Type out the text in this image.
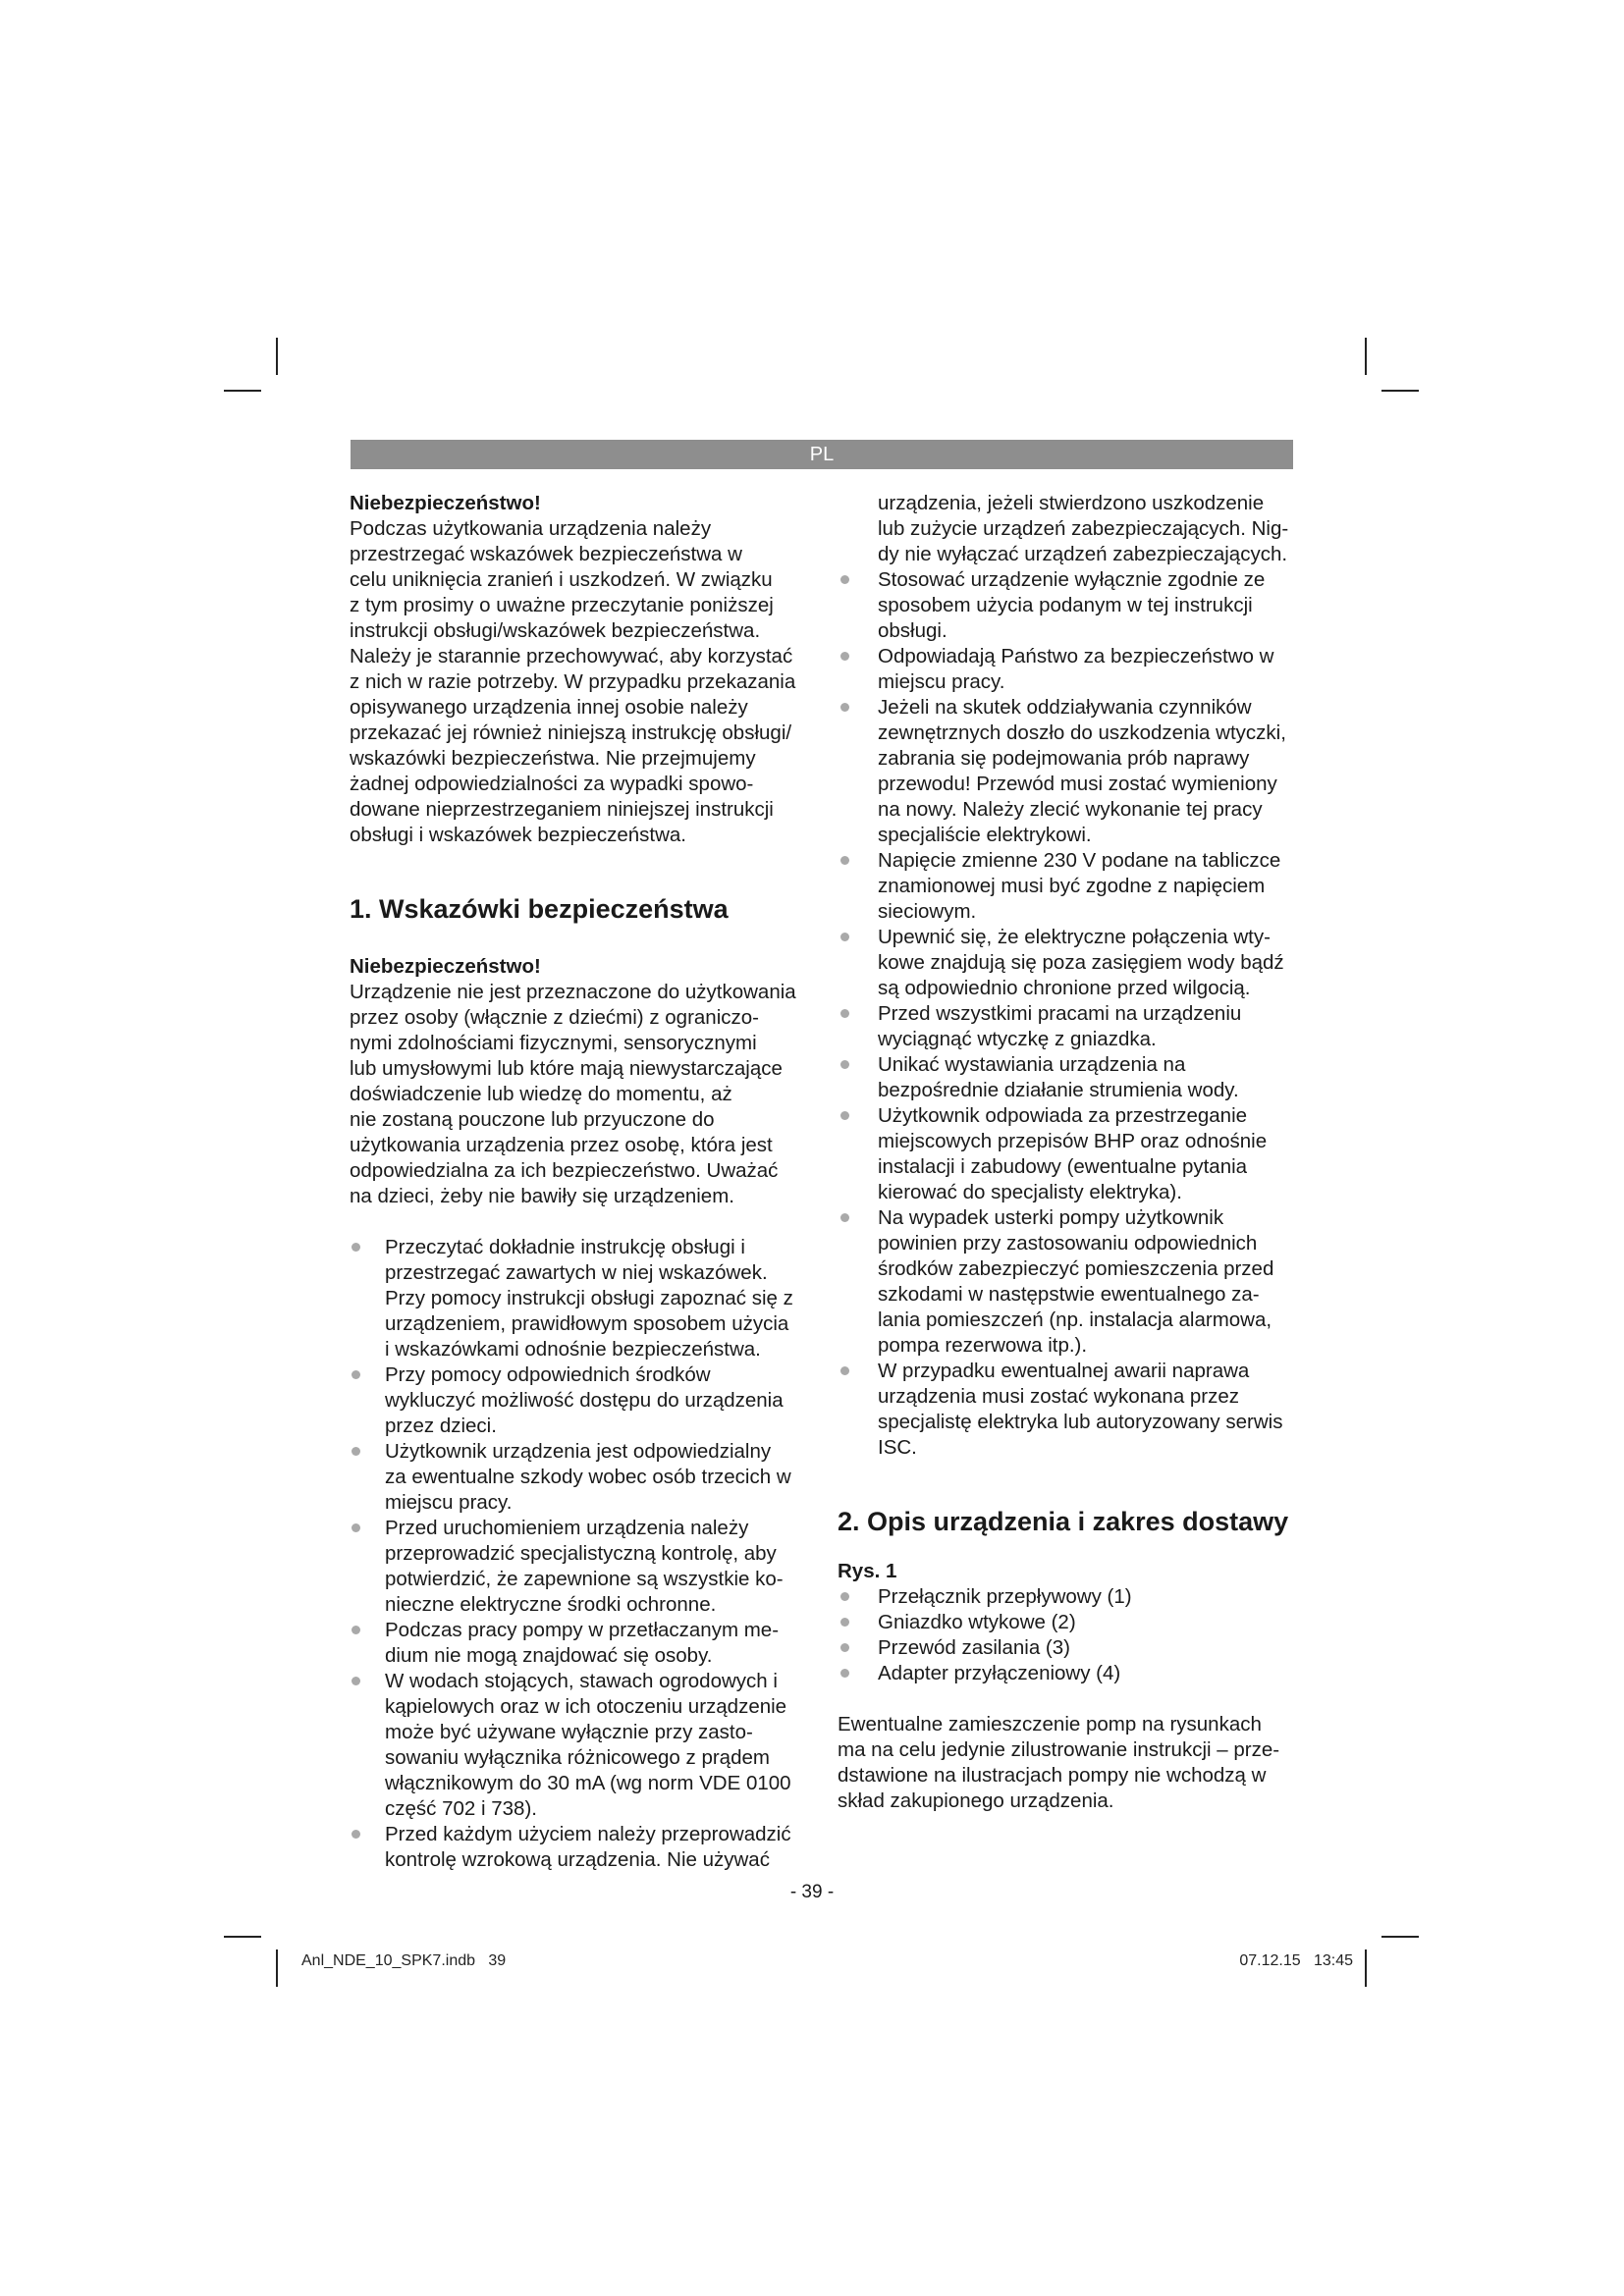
PL

Niebezpieczeństwo!

Podczas użytkowania urządzenia należy

przestrzegać wskazówek bezpieczeństwa w

celu uniknięcia zranień i uszkodzeń. W związku

z tym prosimy o uważne przeczytanie poniższej

instrukcji obsługi/wskazówek bezpieczeństwa.

Należy je starannie przechowywać, aby korzystać

z nich w razie potrzeby. W przypadku przekazania

opisywanego urządzenia innej osobie należy

przekazać jej również niniejszą instrukcję obsługi/

wskazówki bezpieczeństwa. Nie przejmujemy

żadnej odpowiedzialności za wypadki spowo-

dowane nieprzestrzeganiem niniejszej instrukcji

obsługi i wskazówek bezpieczeństwa.

1. Wskazówki bezpieczeństwa

Niebezpieczeństwo!

Urządzenie nie jest przeznaczone do użytkowania

przez osoby (włącznie z dziećmi) z ograniczo-

nymi zdolnościami fizycznymi, sensorycznymi

lub umysłowymi lub które mają niewystarczające

doświadczenie lub wiedzę do momentu, aż

nie zostaną pouczone lub przyuczone do

użytkowania urządzenia przez osobę, która jest

odpowiedzialna za ich bezpieczeństwo. Uważać

na dzieci, żeby nie bawiły się urządzeniem.

Przeczytać dokładnie instrukcję obsługi i

przestrzegać zawartych w niej wskazówek.

Przy pomocy instrukcji obsługi zapoznać się z

urządzeniem, prawidłowym sposobem użycia

i wskazówkami odnośnie bezpieczeństwa.

Przy pomocy odpowiednich środków

wykluczyć możliwość dostępu do urządzenia

przez dzieci.

Użytkownik urządzenia jest odpowiedzialny

za ewentualne szkody wobec osób trzecich w

miejscu pracy.

Przed uruchomieniem urządzenia należy

przeprowadzić specjalistyczną kontrolę, aby

potwierdzić, że zapewnione są wszystkie ko-

nieczne elektryczne środki ochronne.

Podczas pracy pompy w przetłaczanym me-

dium nie mogą znajdować się osoby.

W wodach stojących, stawach ogrodowych i

kąpielowych oraz w ich otoczeniu urządzenie

może być używane wyłącznie przy zasto-

sowaniu wyłącznika różnicowego z prądem

włącznikowym do 30 mA (wg norm VDE 0100

część 702 i 738).

Przed każdym użyciem należy przeprowadzić

kontrolę wzrokową urządzenia. Nie używać

urządzenia, jeżeli stwierdzono uszkodzenie

lub zużycie urządzeń zabezpieczających. Nig-

dy nie wyłączać urządzeń zabezpieczających.

Stosować urządzenie wyłącznie zgodnie ze

sposobem użycia podanym w tej instrukcji

obsługi.

Odpowiadają Państwo za bezpieczeństwo w

miejscu pracy.

Jeżeli na skutek oddziaływania czynników

zewnętrznych doszło do uszkodzenia wtyczki,

zabrania się podejmowania prób naprawy

przewodu! Przewód musi zostać wymieniony

na nowy. Należy zlecić wykonanie tej pracy

specjaliście elektrykowi.

Napięcie zmienne 230 V podane na tabliczce

znamionowej musi być zgodne z napięciem

sieciowym.

Upewnić się, że elektryczne połączenia wty-

kowe znajdują się poza zasięgiem wody bądź

są odpowiednio chronione przed wilgocią.

Przed wszystkimi pracami na urządzeniu

wyciągnąć wtyczkę z gniazdka.

Unikać wystawiania urządzenia na

bezpośrednie działanie strumienia wody.

Użytkownik odpowiada za przestrzeganie

miejscowych przepisów BHP oraz odnośnie

instalacji i zabudowy (ewentualne pytania

kierować do specjalisty elektryka).

Na wypadek usterki pompy użytkownik

powinien przy zastosowaniu odpowiednich

środków zabezpieczyć pomieszczenia przed

szkodami w następstwie ewentualnego za-

lania pomieszczeń (np. instalacja alarmowa,

pompa rezerwowa itp.).

W przypadku ewentualnej awarii naprawa

urządzenia musi zostać wykonana przez

specjalistę elektryka lub autoryzowany serwis

ISC.

2. Opis urządzenia i zakres dostawy

Rys. 1

Przełącznik przepływowy (1)

Gniazdko wtykowe (2)

Przewód zasilania (3)

Adapter przyłączeniowy (4)

Ewentualne zamieszczenie pomp na rysunkach

ma na celu jedynie zilustrowanie instrukcji – prze-

dstawione na ilustracjach pompy nie wchodzą w

skład zakupionego urządzenia.

- 39 -
Anl_NDE_10_SPK7.indb   39	07.12.15   13:45
